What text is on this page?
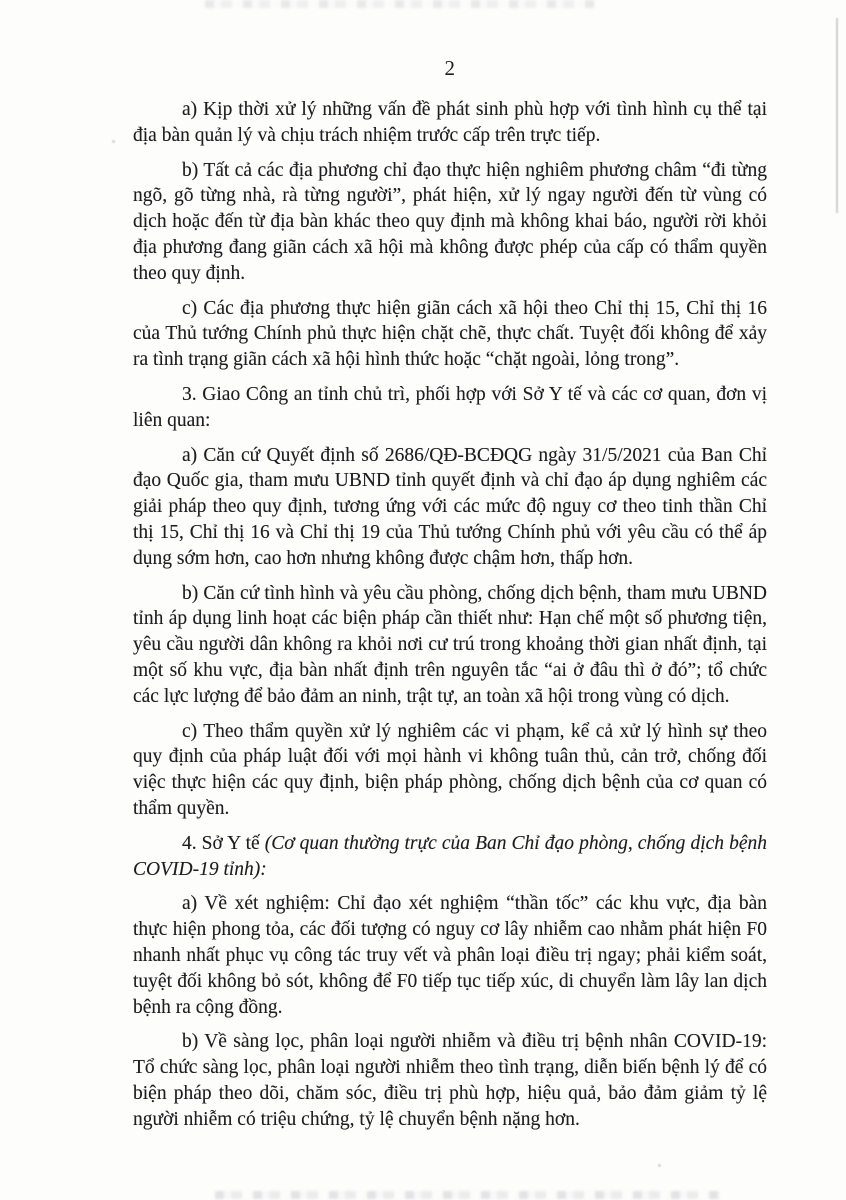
2

a) Kịp thời xử lý những vấn đề phát sinh phù hợp với tình hình cụ thể tại địa bàn quản lý và chịu trách nhiệm trước cấp trên trực tiếp.

b) Tất cả các địa phương chỉ đạo thực hiện nghiêm phương châm “đi từng ngõ, gõ từng nhà, rà từng người”, phát hiện, xử lý ngay người đến từ vùng có dịch hoặc đến từ địa bàn khác theo quy định mà không khai báo, người rời khỏi địa phương đang giãn cách xã hội mà không được phép của cấp có thẩm quyền theo quy định.

c) Các địa phương thực hiện giãn cách xã hội theo Chỉ thị 15, Chỉ thị 16 của Thủ tướng Chính phủ thực hiện chặt chẽ, thực chất. Tuyệt đối không để xảy ra tình trạng giãn cách xã hội hình thức hoặc “chặt ngoài, lỏng trong”.

3. Giao Công an tỉnh chủ trì, phối hợp với Sở Y tế và các cơ quan, đơn vị liên quan:

a) Căn cứ Quyết định số 2686/QĐ-BCĐQG ngày 31/5/2021 của Ban Chỉ đạo Quốc gia, tham mưu UBND tỉnh quyết định và chỉ đạo áp dụng nghiêm các giải pháp theo quy định, tương ứng với các mức độ nguy cơ theo tinh thần Chỉ thị 15, Chỉ thị 16 và Chỉ thị 19 của Thủ tướng Chính phủ với yêu cầu có thể áp dụng sớm hơn, cao hơn nhưng không được chậm hơn, thấp hơn.

b) Căn cứ tình hình và yêu cầu phòng, chống dịch bệnh, tham mưu UBND tỉnh áp dụng linh hoạt các biện pháp cần thiết như: Hạn chế một số phương tiện, yêu cầu người dân không ra khỏi nơi cư trú trong khoảng thời gian nhất định, tại một số khu vực, địa bàn nhất định trên nguyên tắc “ai ở đâu thì ở đó”; tổ chức các lực lượng để bảo đảm an ninh, trật tự, an toàn xã hội trong vùng có dịch.

c) Theo thẩm quyền xử lý nghiêm các vi phạm, kể cả xử lý hình sự theo quy định của pháp luật đối với mọi hành vi không tuân thủ, cản trở, chống đối việc thực hiện các quy định, biện pháp phòng, chống dịch bệnh của cơ quan có thẩm quyền.

4. Sở Y tế (Cơ quan thường trực của Ban Chỉ đạo phòng, chống dịch bệnh COVID-19 tỉnh):

a) Về xét nghiệm: Chỉ đạo xét nghiệm “thần tốc” các khu vực, địa bàn thực hiện phong tỏa, các đối tượng có nguy cơ lây nhiễm cao nhằm phát hiện F0 nhanh nhất phục vụ công tác truy vết và phân loại điều trị ngay; phải kiểm soát, tuyệt đối không bỏ sót, không để F0 tiếp tục tiếp xúc, di chuyển làm lây lan dịch bệnh ra cộng đồng.

b) Về sàng lọc, phân loại người nhiễm và điều trị bệnh nhân COVID-19: Tổ chức sàng lọc, phân loại người nhiễm theo tình trạng, diễn biến bệnh lý để có biện pháp theo dõi, chăm sóc, điều trị phù hợp, hiệu quả, bảo đảm giảm tỷ lệ người nhiễm có triệu chứng, tỷ lệ chuyển bệnh nặng hơn.
